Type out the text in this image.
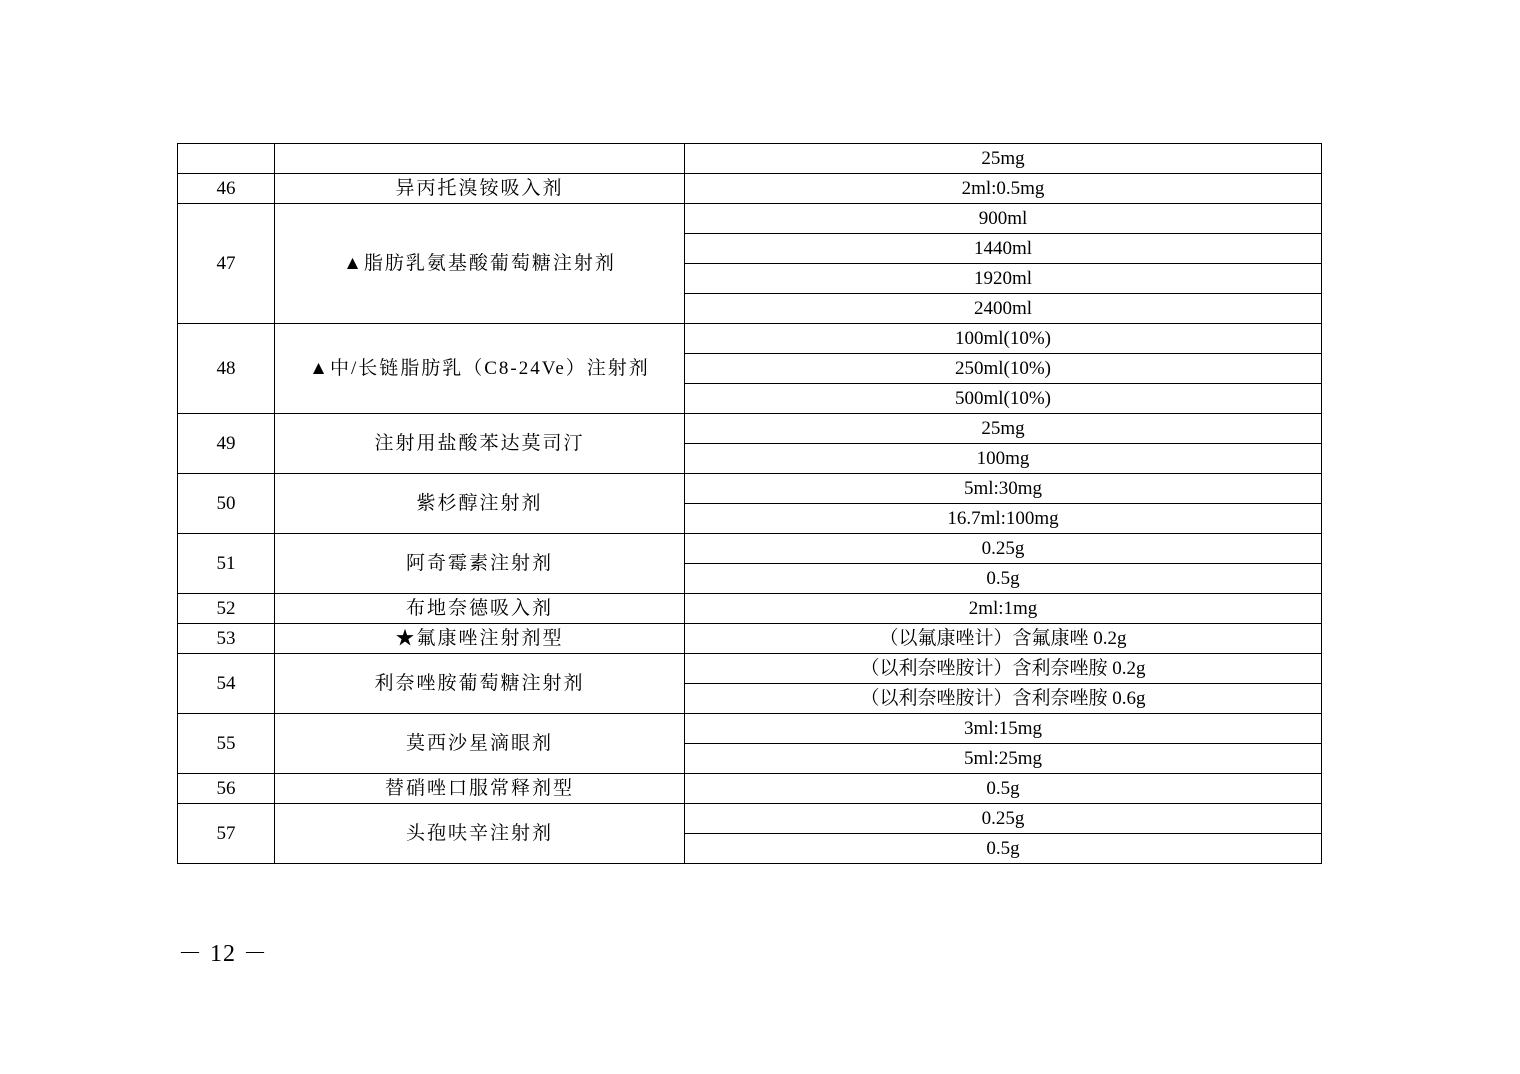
		25mg
46	异丙托溴铵吸入剂	2ml:0.5mg
47	▲脂肪乳氨基酸葡萄糖注射剂	900ml
		1440ml
		1920ml
		2400ml
48	▲中/长链脂肪乳（C8-24Ve）注射剂	100ml(10%)
		250ml(10%)
		500ml(10%)
49	注射用盐酸苯达莫司汀	25mg
		100mg
50	紫杉醇注射剂	5ml:30mg
		16.7ml:100mg
51	阿奇霉素注射剂	0.25g
		0.5g
52	布地奈德吸入剂	2ml:1mg
53	★氟康唑注射剂型	（以氟康唑计）含氟康唑 0.2g
54	利奈唑胺葡萄糖注射剂	（以利奈唑胺计）含利奈唑胺 0.2g
		（以利奈唑胺计）含利奈唑胺 0.6g
55	莫西沙星滴眼剂	3ml:15mg
		5ml:25mg
56	替硝唑口服常释剂型	0.5g
57	头孢呋辛注射剂	0.25g
		0.5g
－ 12 －
